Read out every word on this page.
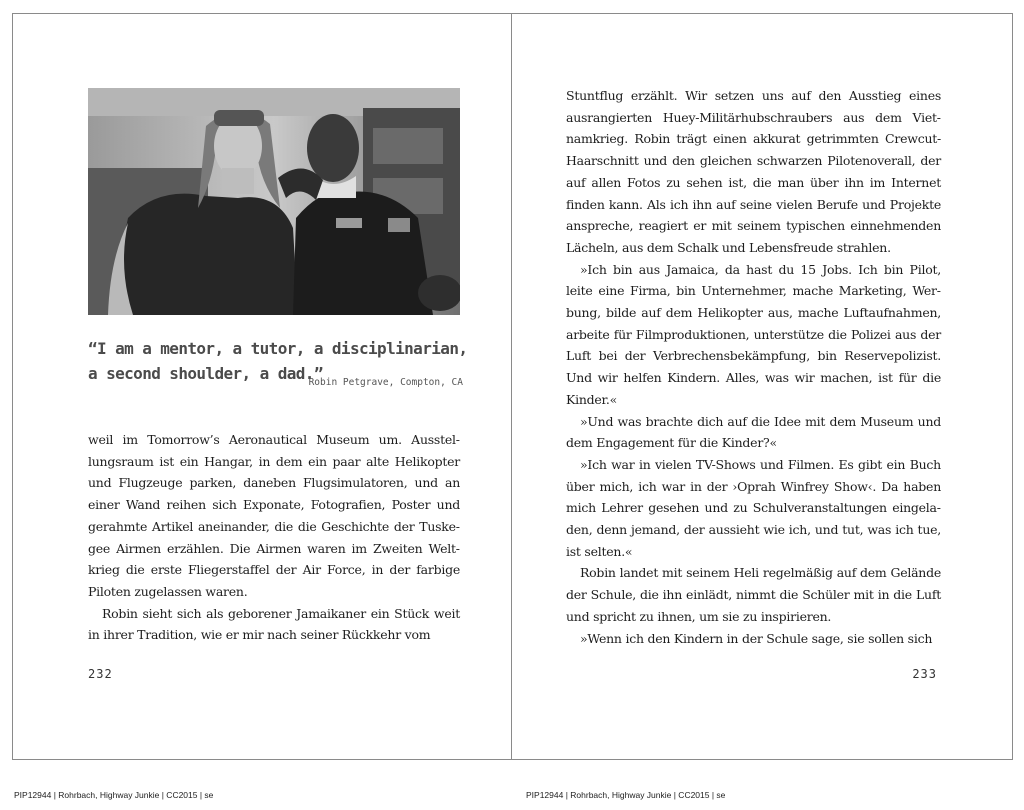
“I am a mentor, a tutor, a disciplinarian,
a second shoulder, a dad.”
Robin Petgrave, Compton, CA

weil im Tomorrow’s Aeronautical Museum um. Ausstellungsraum ist ein Hangar, in dem ein paar alte Helikopter und Flugzeuge parken, daneben Flugsimulatoren, und an einer Wand reihen sich Exponate, Fotografien, Poster und gerahmte Artikel aneinander, die die Geschichte der Tuskegee Airmen erzählen. Die Airmen waren im Zweiten Weltkrieg die erste Fliegerstaffel der Air Force, in der farbige Piloten zugelassen waren.

Robin sieht sich als geborener Jamaikaner ein Stück weit in ihrer Tradition, wie er mir nach seiner Rückkehr vom

232

Stuntflug erzählt. Wir setzen uns auf den Ausstieg eines ausrangierten Huey-Militärhubschraubers aus dem Vietnamkrieg. Robin trägt einen akkurat getrimmten Crewcut-Haarschnitt und den gleichen schwarzen Pilotenoverall, der auf allen Fotos zu sehen ist, die man über ihn im Internet finden kann. Als ich ihn auf seine vielen Berufe und Projekte anspreche, reagiert er mit seinem typischen einnehmenden Lächeln, aus dem Schalk und Lebensfreude strahlen.

»Ich bin aus Jamaica, da hast du 15 Jobs. Ich bin Pilot, leite eine Firma, bin Unternehmer, mache Marketing, Werbung, bilde auf dem Helikopter aus, mache Luftaufnahmen, arbeite für Filmproduktionen, unterstütze die Polizei aus der Luft bei der Verbrechensbekämpfung, bin Reservepolizist. Und wir helfen Kindern. Alles, was wir machen, ist für die Kinder.«

»Und was brachte dich auf die Idee mit dem Museum und dem Engagement für die Kinder?«

»Ich war in vielen TV-Shows und Filmen. Es gibt ein Buch über mich, ich war in der ›Oprah Winfrey Show‹. Da haben mich Lehrer gesehen und zu Schulveranstaltungen eingeladen, denn jemand, der aussieht wie ich, und tut, was ich tue, ist selten.«

Robin landet mit seinem Heli regelmäßig auf dem Gelände der Schule, die ihn einlädt, nimmt die Schüler mit in die Luft und spricht zu ihnen, um sie zu inspirieren.

»Wenn ich den Kindern in der Schule sage, sie sollen sich

233
PIP12944 | Rohrbach, Highway Junkie | CC2015 | se	PIP12944 | Rohrbach, Highway Junkie | CC2015 | se
